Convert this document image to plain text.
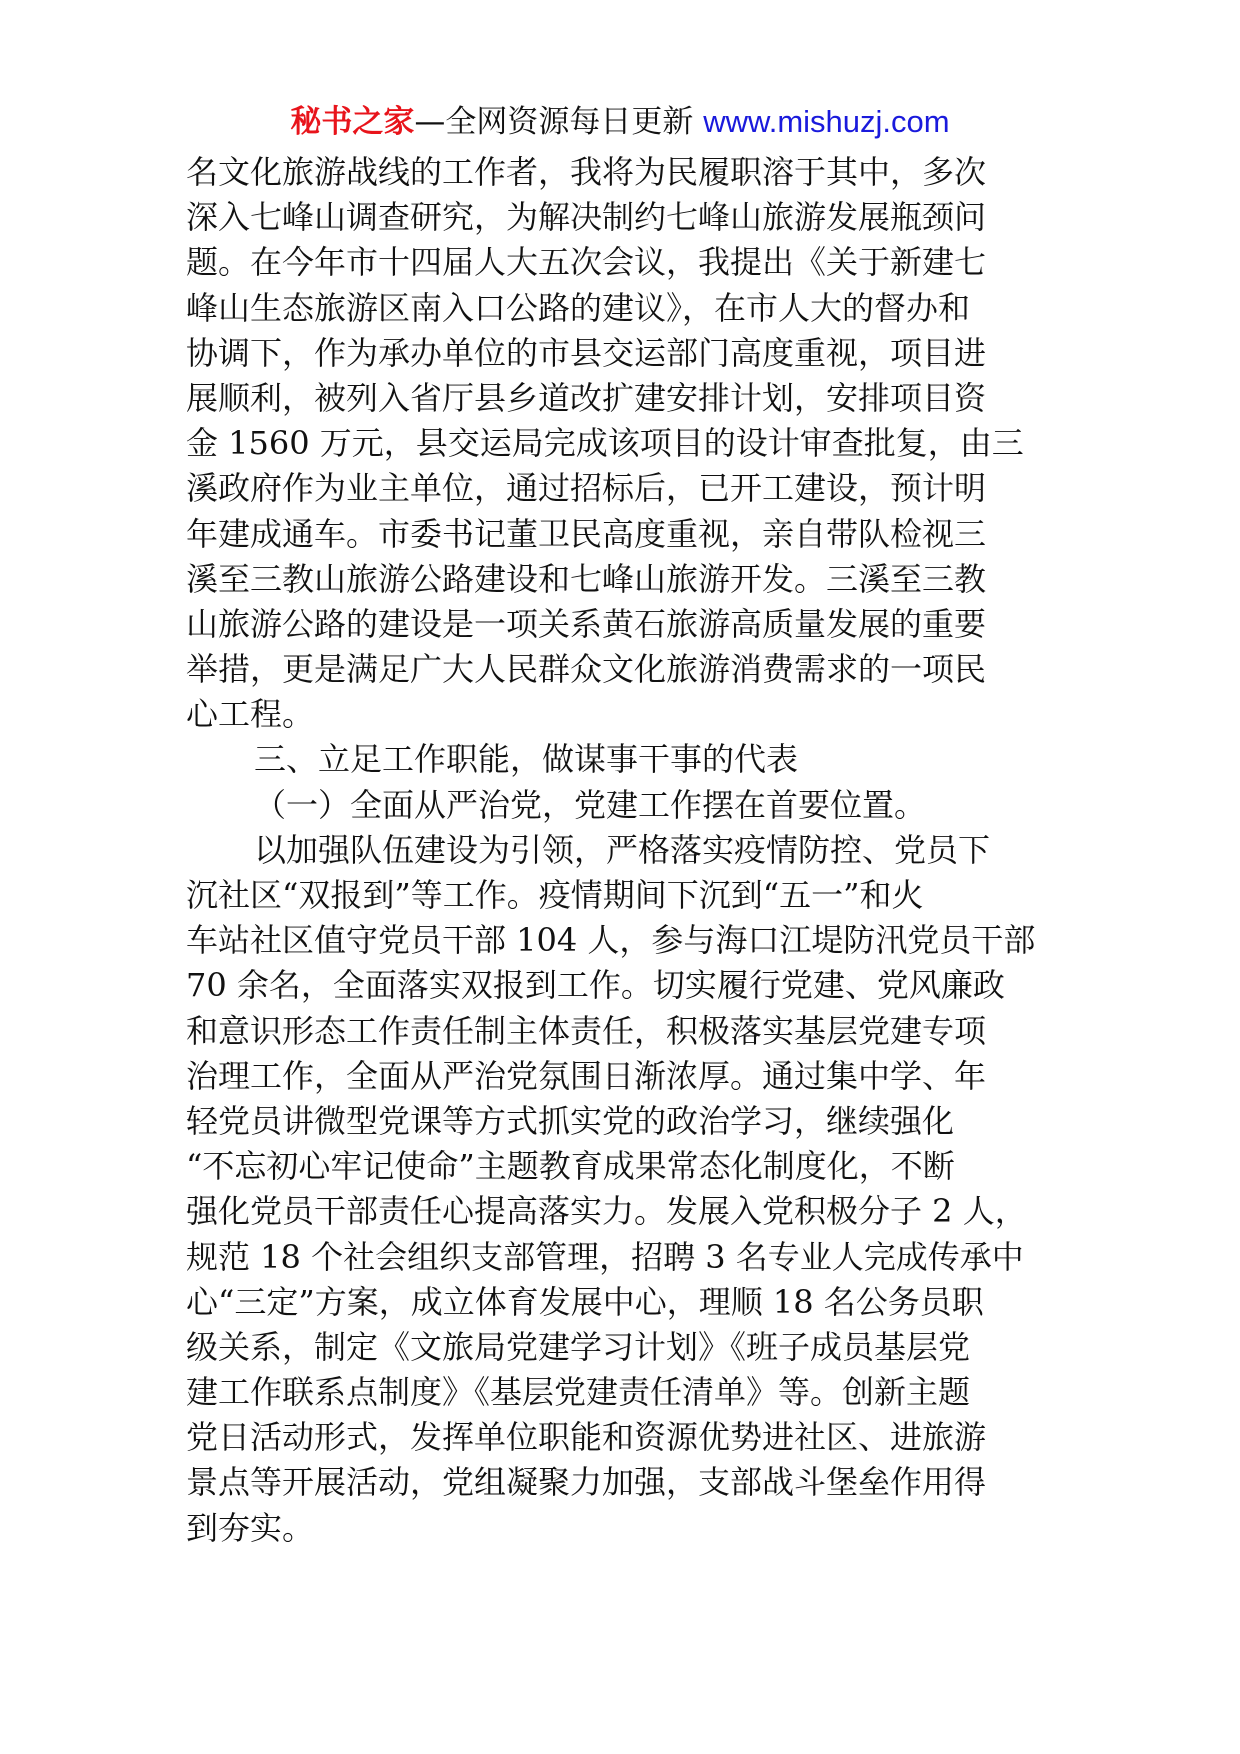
秘书之家—全网资源每日更新 www.mishuzj.com
名文化旅游战线的工作者，我将为民履职溶于其中，多次
深入七峰山调查研究，为解决制约七峰山旅游发展瓶颈问
题。在今年市十四届人大五次会议，我提出《关于新建七
峰山生态旅游区南入口公路的建议》，在市人大的督办和
协调下，作为承办单位的市县交运部门高度重视，项目进
展顺利，被列入省厅县乡道改扩建安排计划，安排项目资
金 1560 万元，县交运局完成该项目的设计审查批复，由三
溪政府作为业主单位，通过招标后，已开工建设，预计明
年建成通车。市委书记董卫民高度重视，亲自带队检视三
溪至三教山旅游公路建设和七峰山旅游开发。三溪至三教
山旅游公路的建设是一项关系黄石旅游高质量发展的重要
举措，更是满足广大人民群众文化旅游消费需求的一项民
心工程。
三、立足工作职能，做谋事干事的代表
（一）全面从严治党，党建工作摆在首要位置。
以加强队伍建设为引领，严格落实疫情防控、党员下
沉社区“双报到”等工作。疫情期间下沉到“五一”和火
车站社区值守党员干部 104 人，参与海口江堤防汛党员干部
70 余名，全面落实双报到工作。切实履行党建、党风廉政
和意识形态工作责任制主体责任，积极落实基层党建专项
治理工作，全面从严治党氛围日渐浓厚。通过集中学、年
轻党员讲微型党课等方式抓实党的政治学习，继续强化
“不忘初心牢记使命”主题教育成果常态化制度化，不断
强化党员干部责任心提高落实力。发展入党积极分子 2 人，
规范 18 个社会组织支部管理，招聘 3 名专业人完成传承中
心“三定”方案，成立体育发展中心，理顺 18 名公务员职
级关系，制定《文旅局党建学习计划》《班子成员基层党
建工作联系点制度》《基层党建责任清单》等。创新主题
党日活动形式，发挥单位职能和资源优势进社区、进旅游
景点等开展活动，党组凝聚力加强，支部战斗堡垒作用得
到夯实。
